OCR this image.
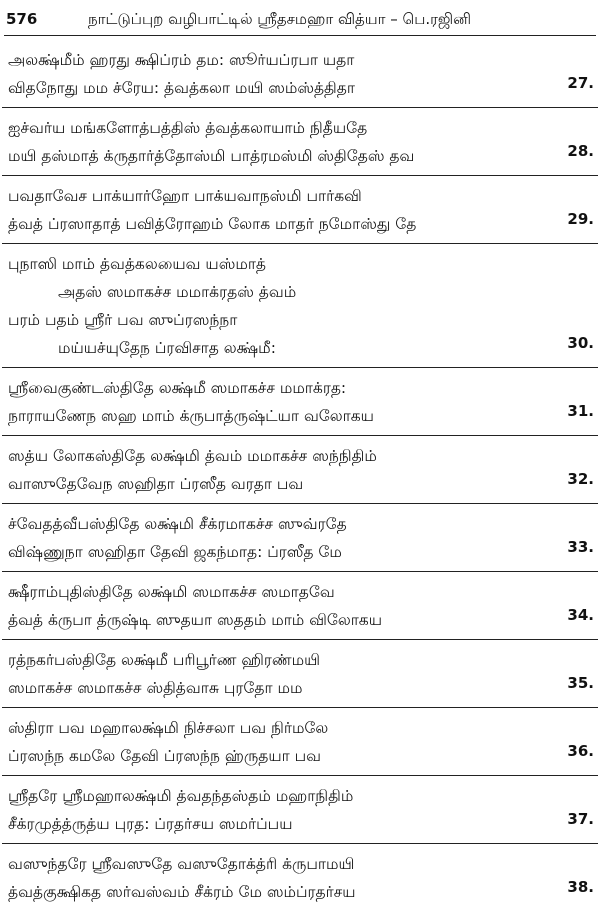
576	நாட்டுப்புற வழிபாட்டில் ஸ்ரீதசமஹா வித்யா – பெ.ரஜினி
அலக்ஷ்மீம் ஹரது க்ஷிப்ரம் தம: ஸூர்யப்ரபா யதா
விதநோது மம ச்ரேய: த்வத்கலா மயி ஸம்ஸ்த்திதா	27.
ஐச்வர்ய மங்களோத்பத்திஸ் த்வத்கலாயாம் நிதீயதே
மயி தஸ்மாத் க்ருதார்த்தோஸ்மி பாத்ரமஸ்மி ஸ்திதேஸ் தவ	28.
பவதாவேச பாக்யார்ஹோ பாக்யவாநஸ்மி பார்கவி
த்வத் ப்ரஸாதாத் பவித்ரோஹம் லோக மாதர் நமோஸ்து தே	29.
புநாஸி மாம் த்வத்கலயைவ யஸ்மாத்
அதஸ் ஸமாகச்ச மமாக்ரதஸ் த்வம்
பரம் பதம் ஸ்ரீர் பவ ஸுப்ரஸந்நா
மய்யச்யுதேந ப்ரவிசாத லக்ஷ்மீ:	30.
ஸ்ரீவைகுண்டஸ்திதே லக்ஷ்மீ ஸமாகச்ச மமாக்ரத:
நாராயணேந ஸஹ மாம் க்ருபாத்ருஷ்ட்யா வலோகய	31.
ஸத்ய லோகஸ்திதே லக்ஷ்மி த்வம் மமாகச்ச ஸந்நிதிம்
வாஸுதேவேந ஸஹிதா ப்ரஸீத வரதா பவ	32.
ச்வேதத்வீபஸ்திதே லக்ஷ்மி சீக்ரமாகச்ச ஸுவ்ரதே
விஷ்ணுநா ஸஹிதா தேவி ஜகந்மாத: ப்ரஸீத மே	33.
க்ஷீராம்புதிஸ்திதே லக்ஷ்மி ஸமாகச்ச ஸமாதவே
த்வத் க்ருபா த்ருஷ்டி ஸுதயா ஸததம் மாம் விலோகய	34.
ரத்நகர்பஸ்திதே லக்ஷ்மீ பரிபூர்ண ஹிரண்மயி
ஸமாகச்ச ஸமாகச்ச ஸ்தித்வாசு புரதோ மம	35.
ஸ்திரா பவ மஹாலக்ஷ்மி நிச்சலா பவ நிர்மலே
ப்ரஸந்ந கமலே தேவி ப்ரஸந்ந ஹ்ருதயா பவ	36.
ஸ்ரீதரே ஸ்ரீமஹாலக்ஷ்மி த்வதந்தஸ்தம் மஹாநிதிம்
சீக்ரமுத்த்ருத்ய புரத: ப்ரதர்சய ஸமர்ப்பய	37.
வஸுந்தரே ஸ்ரீவஸுதே வஸுதோக்த்ரி க்ருபாமயி
த்வத்குக்ஷிகத ஸர்வஸ்வம் சீக்ரம் மே ஸம்ப்ரதர்சய	38.
